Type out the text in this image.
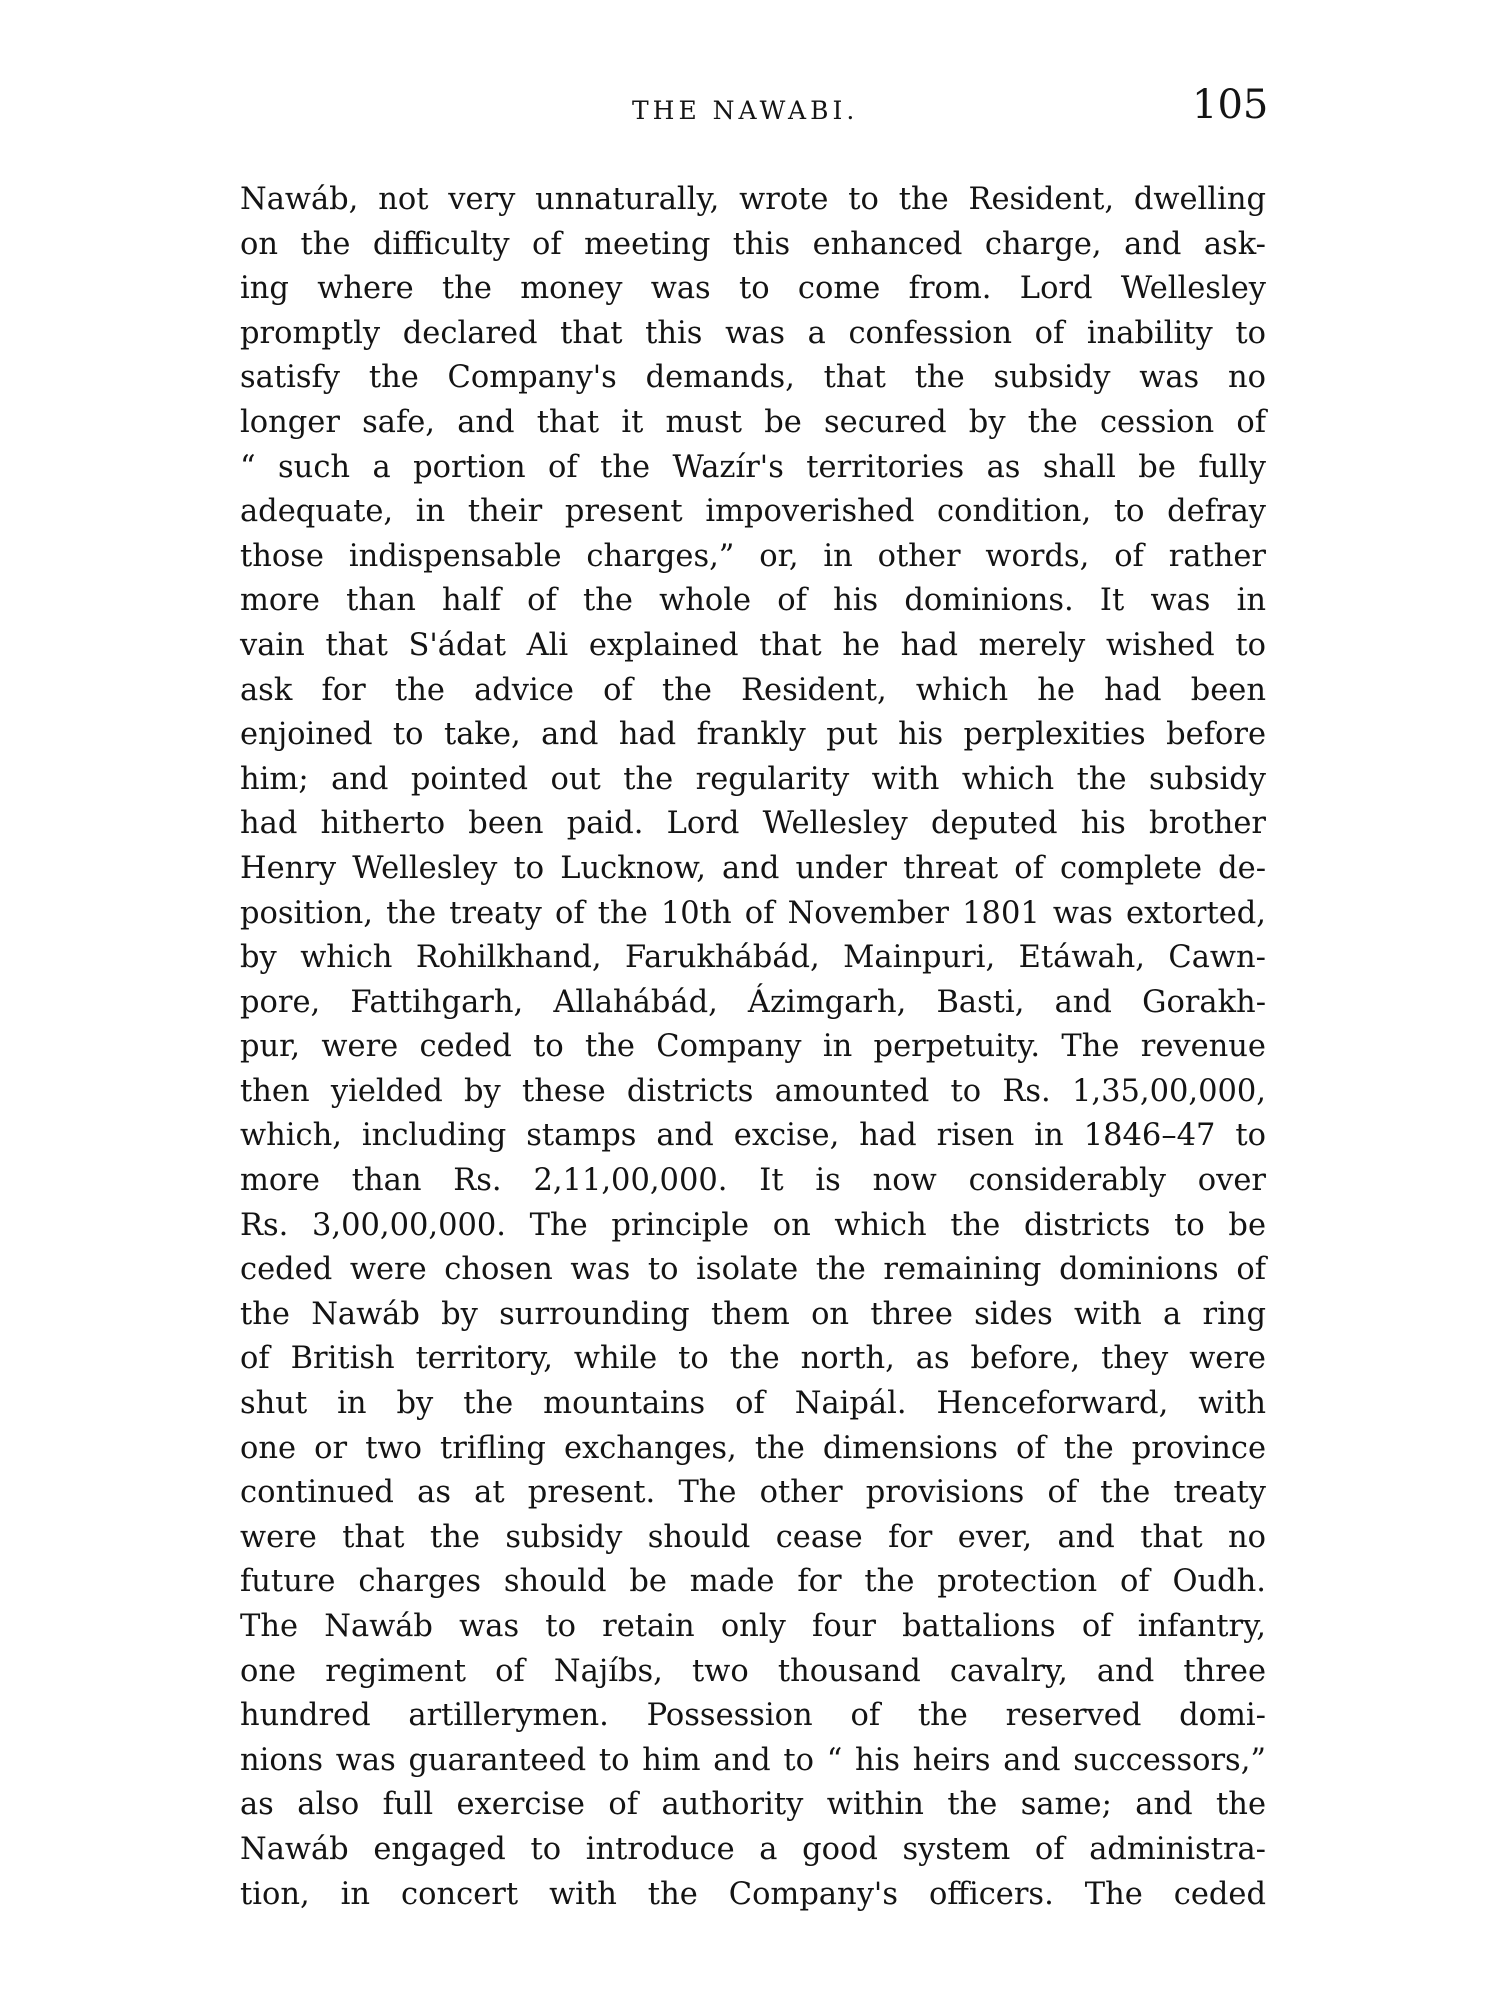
THE NAWABI.	105
Nawáb, not very unnaturally, wrote to the Resident, dwelling
on the difficulty of meeting this enhanced charge, and ask-
ing where the money was to come from. Lord Wellesley
promptly declared that this was a confession of inability to
satisfy the Company's demands, that the subsidy was no
longer safe, and that it must be secured by the cession of
“ such a portion of the Wazír's territories as shall be fully
adequate, in their present impoverished condition, to defray
those indispensable charges,” or, in other words, of rather
more than half of the whole of his dominions. It was in
vain that S'ádat Ali explained that he had merely wished to
ask for the advice of the Resident, which he had been
enjoined to take, and had frankly put his perplexities before
him; and pointed out the regularity with which the subsidy
had hitherto been paid. Lord Wellesley deputed his brother
Henry Wellesley to Lucknow, and under threat of complete de-
position, the treaty of the 10th of November 1801 was extorted,
by which Rohilkhand, Farukhábád, Mainpuri, Etáwah, Cawn-
pore, Fattihgarh, Allahábád, Ázimgarh, Basti, and Gorakh-
pur, were ceded to the Company in perpetuity. The revenue
then yielded by these districts amounted to Rs. 1,35,00,000,
which, including stamps and excise, had risen in 1846–47 to
more than Rs. 2,11,00,000. It is now considerably over
Rs. 3,00,00,000. The principle on which the districts to be
ceded were chosen was to isolate the remaining dominions of
the Nawáb by surrounding them on three sides with a ring
of British territory, while to the north, as before, they were
shut in by the mountains of Naipál. Henceforward, with
one or two trifling exchanges, the dimensions of the province
continued as at present. The other provisions of the treaty
were that the subsidy should cease for ever, and that no
future charges should be made for the protection of Oudh.
The Nawáb was to retain only four battalions of infantry,
one regiment of Najíbs, two thousand cavalry, and three
hundred artillerymen. Possession of the reserved domi-
nions was guaranteed to him and to “ his heirs and successors,”
as also full exercise of authority within the same; and the
Nawáb engaged to introduce a good system of administra-
tion, in concert with the Company's officers. The ceded
